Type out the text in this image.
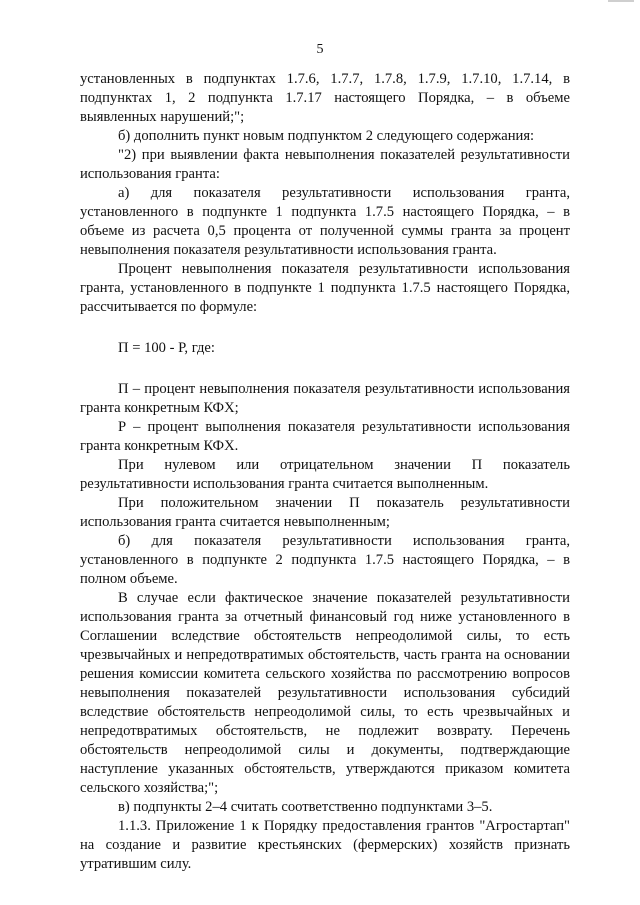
5

установленных в подпунктах 1.7.6, 1.7.7, 1.7.8, 1.7.9, 1.7.10, 1.7.14, в подпунктах 1, 2 подпункта 1.7.17 настоящего Порядка, – в объеме выявленных нарушений;";

б) дополнить пункт новым подпунктом 2 следующего содержания:

"2) при выявлении факта невыполнения показателей результативности использования гранта:

а) для показателя результативности использования гранта, установленного в подпункте 1 подпункта 1.7.5 настоящего Порядка, – в объеме из расчета 0,5 процента от полученной суммы гранта за процент невыполнения показателя результативности использования гранта.

Процент невыполнения показателя результативности использования гранта, установленного в подпункте 1 подпункта 1.7.5 настоящего Порядка, рассчитывается по формуле:

П = 100 - Р, где:

П – процент невыполнения показателя результативности использования гранта конкретным КФХ;

Р – процент выполнения показателя результативности использования гранта конкретным КФХ.

При нулевом или отрицательном значении П показатель результативности использования гранта считается выполненным.

При положительном значении П показатель результативности использования гранта считается невыполненным;

б) для показателя результативности использования гранта, установленного в подпункте 2 подпункта 1.7.5 настоящего Порядка, – в полном объеме.

В случае если фактическое значение показателей результативности использования гранта за отчетный финансовый год ниже установленного в Соглашении вследствие обстоятельств непреодолимой силы, то есть чрезвычайных и непредотвратимых обстоятельств, часть гранта на основании решения комиссии комитета сельского хозяйства по рассмотрению вопросов невыполнения показателей результативности использования субсидий вследствие обстоятельств непреодолимой силы, то есть чрезвычайных и непредотвратимых обстоятельств, не подлежит возврату. Перечень обстоятельств непреодолимой силы и документы, подтверждающие наступление указанных обстоятельств, утверждаются приказом комитета сельского хозяйства;";

в) подпункты 2–4 считать соответственно подпунктами 3–5.

1.1.3. Приложение 1 к Порядку предоставления грантов "Агростартап" на создание и развитие крестьянских (фермерских) хозяйств признать утратившим силу.
